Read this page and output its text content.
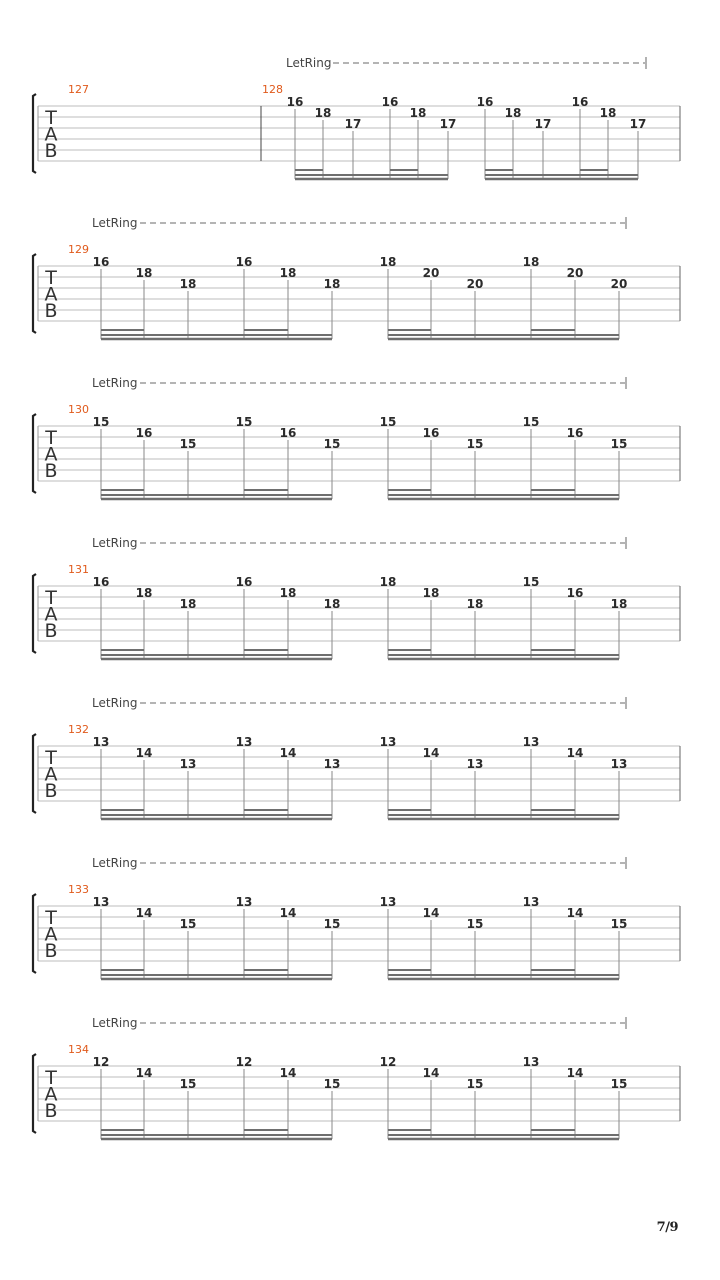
T
A
B
127	128
LetRing
16
18
17
16
18
17
16
18
17
16
18
17
T
A
B
129
LetRing
16
18
18
16
18
18
18
20
20
18
20
20
T
A
B
130
LetRing
15
16
15
15
16
15
15
16
15
15
16
15
T
A
B
131
LetRing
16
18
18
16
18
18
18
18
18
15
16
18
T
A
B
132
LetRing
13
14
13
13
14
13
13
14
13
13
14
13
T
A
B
133
LetRing
13
14
15
13
14
15
13
14
15
13
14
15
T
A
B
134
LetRing
12
14
15
12
14
15
12
14
15
13
14
15
7/9
